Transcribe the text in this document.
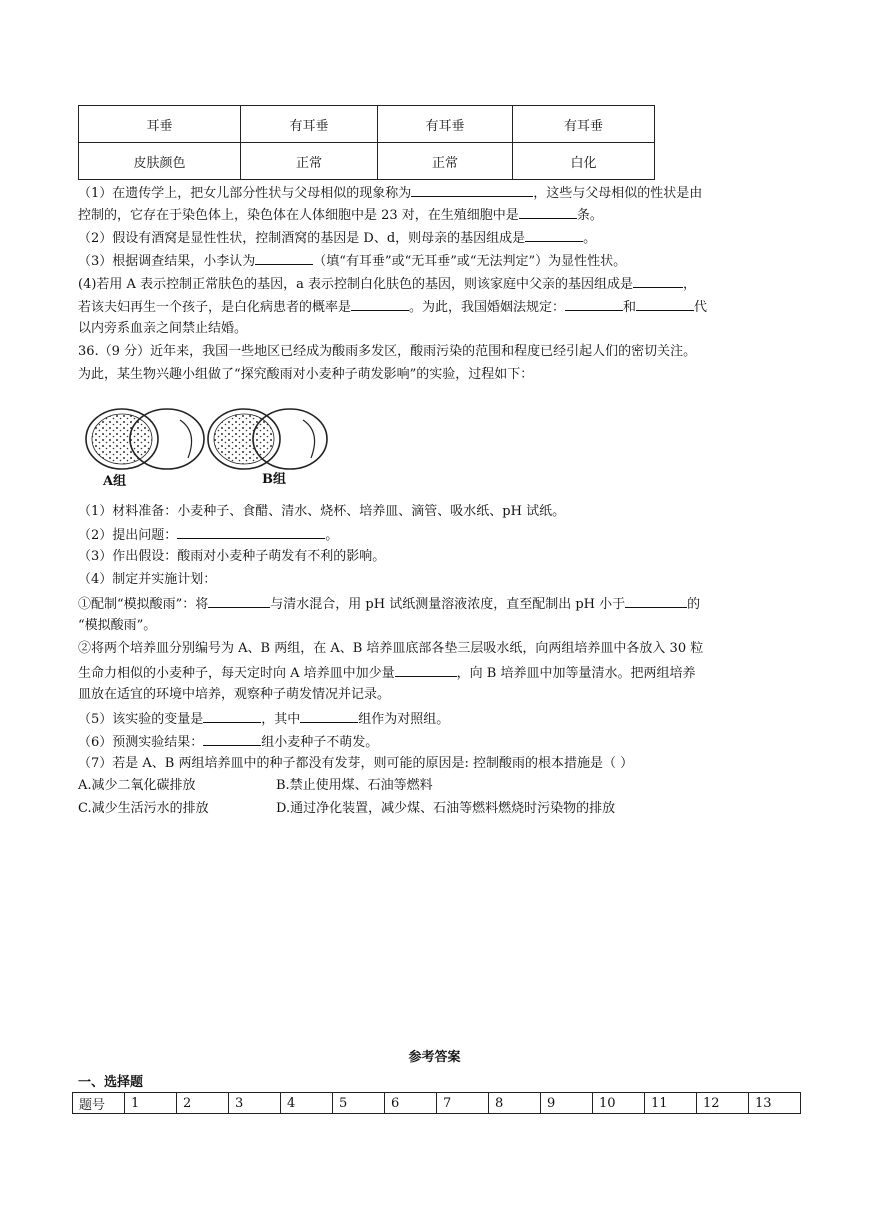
耳垂	有耳垂	有耳垂	有耳垂
皮肤颜色	正常	正常	白化
（1）在遗传学上，把女儿部分性状与父母相似的现象称为	，这些与父母相似的性状是由
控制的，它存在于染色体上，染色体在人体细胞中是 23 对，在生殖细胞中是	条。
（2）假设有酒窝是显性性状，控制酒窝的基因是 D、d，则母亲的基因组成是	。
（3）根据调查结果，小李认为	（填“有耳垂”或“无耳垂”或“无法判定”）为显性性状。
(4)若用 A 表示控制正常肤色的基因，a 表示控制白化肤色的基因，则该家庭中父亲的基因组成是	，
若该夫妇再生一个孩子，是白化病患者的概率是	。为此，我国婚姻法规定：	和	代
以内旁系血亲之间禁止结婚。
36.（9 分）近年来，我国一些地区已经成为酸雨多发区，酸雨污染的范围和程度已经引起人们的密切关注。
为此，某生物兴趣小组做了“探究酸雨对小麦种子萌发影响”的实验，过程如下：
A组	B组
（1）材料准备：小麦种子、食醋、清水、烧杯、培养皿、滴管、吸水纸、pH 试纸。
（2）提出问题：	。
（3）作出假设：酸雨对小麦种子萌发有不利的影响。
（4）制定并实施计划：
①配制“模拟酸雨”：将	与清水混合，用 pH 试纸测量溶液浓度，直至配制出 pH 小于	的
“模拟酸雨”。
②将两个培养皿分别编号为 A、B 两组，在 A、B 培养皿底部各垫三层吸水纸，向两组培养皿中各放入 30 粒
生命力相似的小麦种子，每天定时向 A 培养皿中加少量	，向 B 培养皿中加等量清水。把两组培养
皿放在适宜的环境中培养，观察种子萌发情况并记录。
（5）该实验的变量是	，其中	组作为对照组。
（6）预测实验结果：	组小麦种子不萌发。
（7）若是 A、B 两组培养皿中的种子都没有发芽，则可能的原因是: 控制酸雨的根本措施是（ ）
A.减少二氧化碳排放	B.禁止使用煤、石油等燃料
C.减少生活污水的排放	D.通过净化装置，减少煤、石油等燃料燃烧时污染物的排放
参考答案
一、选择题
题号	1	2	3	4	5	6	7	8	9	10	11	12	13
